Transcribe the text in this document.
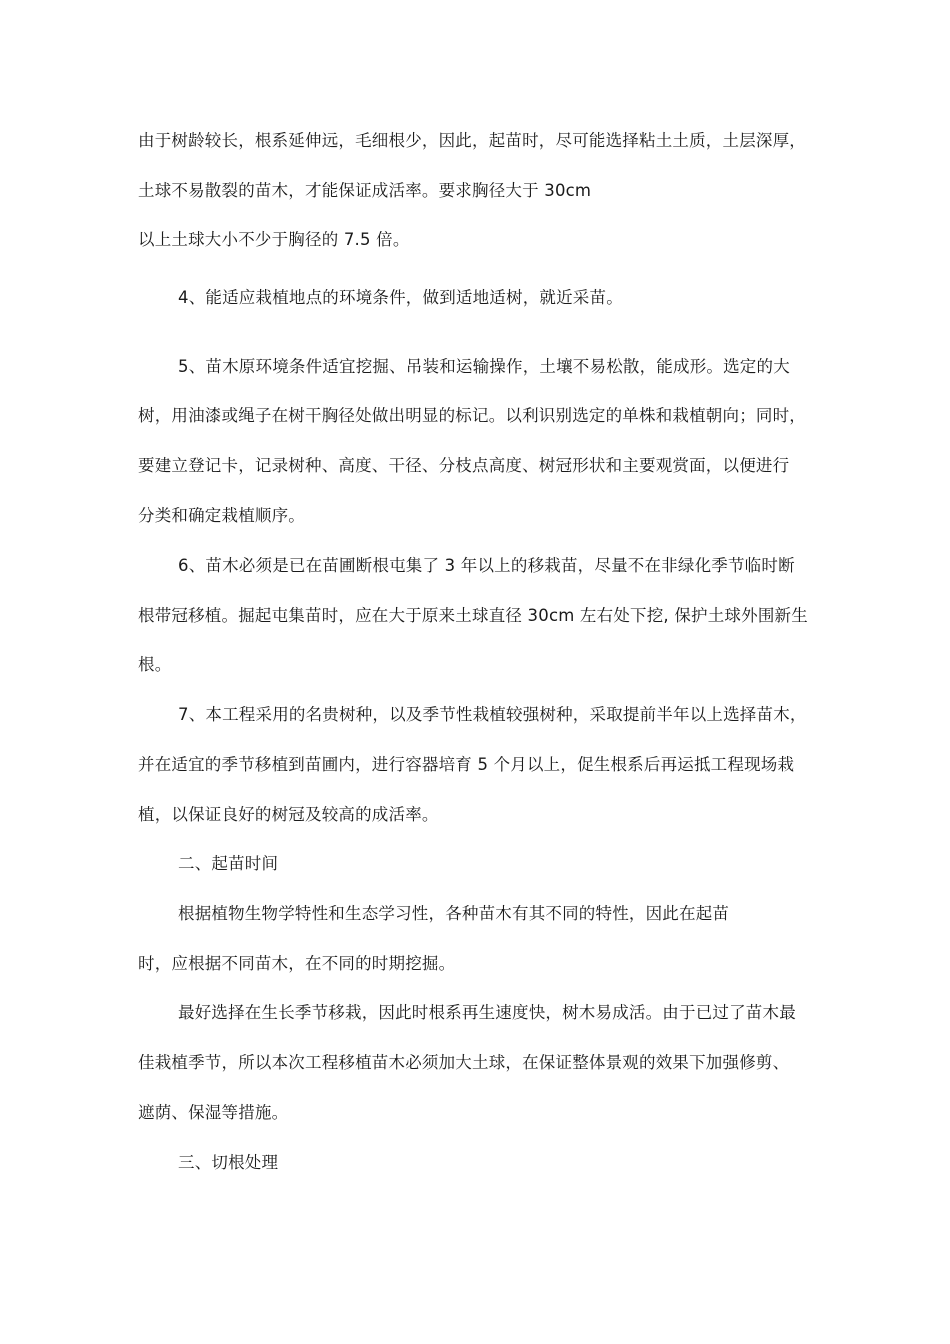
由于树龄较长，根系延伸远，毛细根少，因此，起苗时，尽可能选择粘土土质，土层深厚，
土球不易散裂的苗木，才能保证成活率。要求胸径大于 30cm
以上土球大小不少于胸径的 7.5 倍。
4、能适应栽植地点的环境条件，做到适地适树，就近采苗。
5、苗木原环境条件适宜挖掘、吊装和运输操作，土壤不易松散，能成形。选定的大
树，用油漆或绳子在树干胸径处做出明显的标记。以利识别选定的单株和栽植朝向；同时，
要建立登记卡，记录树种、高度、干径、分枝点高度、树冠形状和主要观赏面，以便进行
分类和确定栽植顺序。
6、苗木必须是已在苗圃断根屯集了 3 年以上的移栽苗，尽量不在非绿化季节临时断
根带冠移植。掘起屯集苗时，应在大于原来土球直径 30cm 左右处下挖, 保护土球外围新生
根。
7、本工程采用的名贵树种，以及季节性栽植较强树种，采取提前半年以上选择苗木，
并在适宜的季节移植到苗圃内，进行容器培育 5 个月以上，促生根系后再运抵工程现场栽
植，以保证良好的树冠及较高的成活率。
二、起苗时间
根据植物生物学特性和生态学习性，各种苗木有其不同的特性，因此在起苗
时，应根据不同苗木，在不同的时期挖掘。
最好选择在生长季节移栽，因此时根系再生速度快，树木易成活。由于已过了苗木最
佳栽植季节，所以本次工程移植苗木必须加大土球，在保证整体景观的效果下加强修剪、
遮荫、保湿等措施。
三、切根处理
